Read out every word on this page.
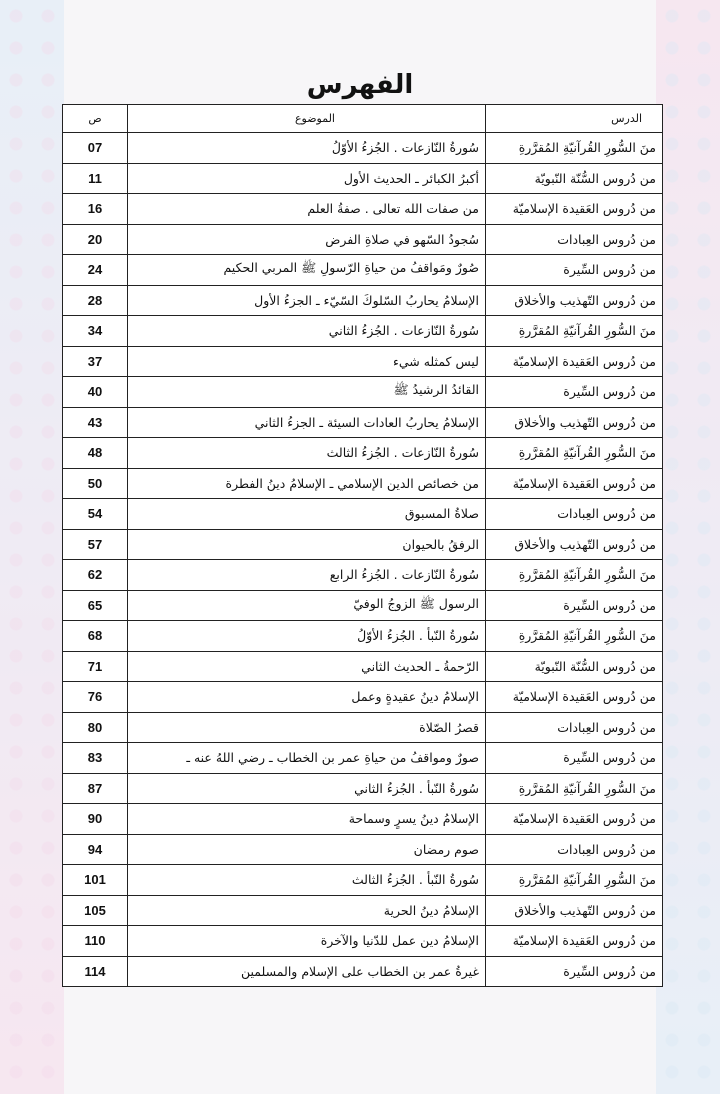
الفهرس
الدرس	الموضوع	ص
منَ السُّورِ القُرآنيّةِ المُقرَّرةِ	سُورةُ النّازعات . الجُزءُ الأوّلُ	07
من دُروس السُّنّة النّبويّة	أكبرُ الكبائر ـ الحديث الأول	11
من دُروس العَقيدة الإسلاميّة	من صفات الله تعالى . صفةُ العلم	16
من دُروس العِبادات	سُجودُ السّهو في صلاةِ الفرض	20
من دُروس السِّيرة	صُورٌ ومَواقفُ من حياةِ الرّسولِ ﷺ المربي الحكيم	24
من دُروس التّهذيب والأخلاق	الإسلامُ يحاربُ السّلوكَ السّيّء ـ الجزءُ الأول	28
منَ السُّورِ القُرآنيّةِ المُقرَّرةِ	سُورةُ النّازعات . الجُزءُ الثاني	34
من دُروس العَقيدة الإسلاميّة	ليس كمثله شيء	37
من دُروس السِّيرة	القائدُ الرشيدُ ﷺ	40
من دُروس التّهذيب والأخلاق	الإسلامُ يحاربُ العادات السيئة ـ الجزءُ الثاني	43
منَ السُّورِ القُرآنيّةِ المُقرَّرةِ	سُورةُ النّازعات . الجُزءُ الثالث	48
من دُروس العَقيدة الإسلاميّة	من خصائص الدين الإسلامي ـ الإسلامُ دينُ الفطرة	50
من دُروس العِبادات	صلاةُ المسبوق	54
من دُروس التّهذيب والأخلاق	الرفقُ بالحيوان	57
منَ السُّورِ القُرآنيّةِ المُقرَّرةِ	سُورةُ النّازعات . الجُزءُ الرابع	62
من دُروس السِّيرة	الرسول ﷺ الزوجُ الوفيّ	65
منَ السُّورِ القُرآنيّةِ المُقرَّرةِ	سُورةُ النّبأ . الجُزءُ الأوّلُ	68
من دُروس السُّنّة النّبويّة	الرّحمةُ ـ الحديث الثاني	71
من دُروس العَقيدة الإسلاميّة	الإسلامُ دينُ عقيدةٍ وعمل	76
من دُروس العِبادات	قصرُ الصّلاة	80
من دُروس السِّيرة	صورٌ ومواقفُ من حياةِ عمر بن الخطاب ـ رضي اللهُ عنه ـ	83
منَ السُّورِ القُرآنيّةِ المُقرَّرةِ	سُورةُ النّبأ . الجُزءُ الثاني	87
من دُروس العَقيدة الإسلاميّة	الإسلامُ دينُ يسرٍ وسماحة	90
من دُروس العِبادات	صوم رمضان	94
منَ السُّورِ القُرآنيّةِ المُقرَّرةِ	سُورةُ النّبأ . الجُزءُ الثالث	101
من دُروس التّهذيب والأخلاق	الإسلامُ دينُ الحرية	105
من دُروس العَقيدة الإسلاميّة	الإسلامُ دين عمل للدّنيا والآخرة	110
من دُروس السِّيرة	غيرةُ عمر بن الخطاب على الإسلام والمسلمين	114
